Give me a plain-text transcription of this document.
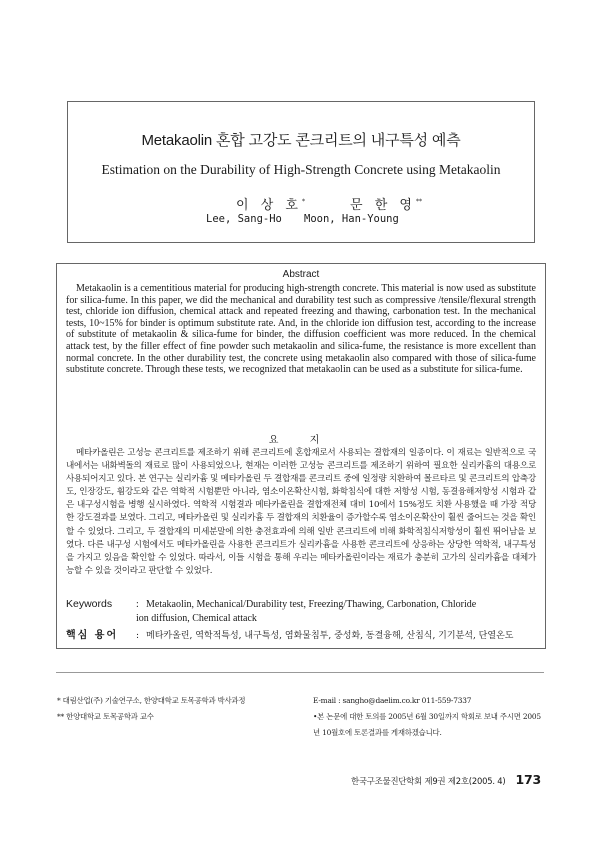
Metakaolin 혼합 고강도 콘크리트의 내구특성 예측
Estimation on the Durability of High-Strength Concrete using Metakaolin
이 상 호*	문 한 영**
Lee, Sang-Ho Moon, Han-Young
Abstract
Metakaolin is a cementitious material for producing high-strength concrete. This material is now used as substitute for silica-fume. In this paper, we did the mechanical and durability test such as compressive /tensile/flexural strength test, chloride ion diffusion, chemical attack and repeated freezing and thawing, carbonation test. In the mechanical tests, 10~15% for binder is optimum substitute rate. And, in the chloride ion diffusion test, according to the increase of substitute of metakaolin & silica-fume for binder, the diffusion coefficient was more reduced. In the chemical attack test, by the filler effect of fine powder such metakaolin and silica-fume, the resistance is more excellent than normal concrete. In the other durability test, the concrete using metakaolin also compared with those of silica-fume substitute concrete. Through these tests, we recognized that metakaolin can be used as a substitute for silica-fume.
요 지
메타카올린은 고성능 콘크리트를 제조하기 위해 콘크리트에 혼합재로서 사용되는 결합재의 일종이다. 이 재료는 일반적으로 국내에서는 내화벽돌의 재료로 많이 사용되었으나, 현재는 이러한 고성능 콘크리트를 제조하기 위하여 필요한 실리카흄의 대용으로 사용되어지고 있다. 본 연구는 실리카흄 및 메타카올린 두 결합재를 콘크리트 중에 일정량 치환하여 몰르타르 및 콘크리트의 압축강도, 인장강도, 휨강도와 같은 역학적 시험뿐만 아니라, 염소이온확산시험, 화학침식에 대한 저항성 시험, 동결융해저항성 시험과 같은 내구성시험을 병행 실시하였다. 역학적 시험결과 메타카올린을 결합재전체 대비 10에서 15%정도 치환 사용했을 때 가장 적당한 강도결과를 보였다. 그리고, 메타카올린 및 실리카흄 두 결합재의 치환율이 증가할수록 염소이온확산이 훨씬 줄어드는 것을 확인할 수 있었다. 그리고, 두 결합재의 미세분말에 의한 충전효과에 의해 일반 콘크리트에 비해 화학적침식저항성이 훨씬 뛰어남을 보였다. 다른 내구성 시험에서도 메타카올린을 사용한 콘크리트가 실리카흄을 사용한 콘크리트에 상응하는 상당한 역학적, 내구특성을 가지고 있음을 확인할 수 있었다. 따라서, 이들 시험을 통해 우리는 메타카올린이라는 재료가 충분히 고가의 실리카흄을 대체가능할 수 있을 것이라고 판단할 수 있었다.
Keywords : Metakaolin, Mechanical/Durability test, Freezing/Thawing, Carbonation, Chloride
ion diffusion, Chemical attack
핵심 용어 : 메타카올린, 역학적특성, 내구특성, 염화물침투, 중성화, 동결융해, 산침식, 기기분석, 단열온도
* 대림산업(주) 기술연구소, 한양대학교 토목공학과 박사과정
** 한양대학교 토목공학과 교수
E-mail : sangho@daelim.co.kr 011-559-7337
•본 논문에 대한 토의를 2005년 6월 30일까지 학회로 보내 주시면 2005년 10월호에 토론결과를 게재하겠습니다.
한국구조물진단학회 제9권 제2호(2005. 4) 173
